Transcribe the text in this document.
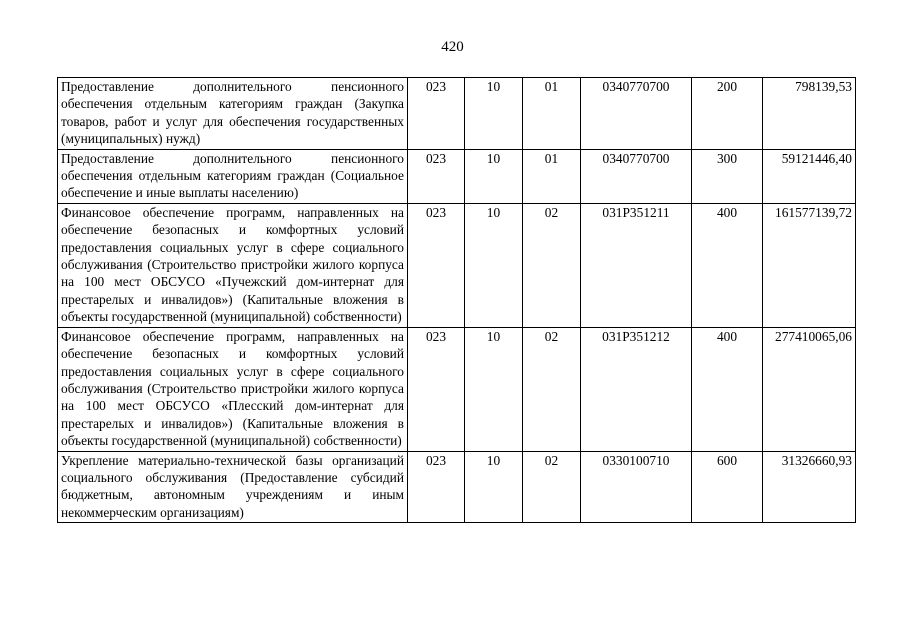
420
Предоставление дополнительного пенсионного обеспечения отдельным категориям граждан (Закупка товаров, работ и услуг для обеспечения государственных (муниципальных) нужд)	023	10	01	0340770700	200	798139,53
Предоставление дополнительного пенсионного обеспечения отдельным категориям граждан (Социальное обеспечение и иные выплаты населению)	023	10	01	0340770700	300	59121446,40
Финансовое обеспечение программ, направленных на обеспечение безопасных и комфортных условий предоставления социальных услуг в сфере социального обслуживания (Строительство пристройки жилого корпуса на 100 мест ОБСУСО «Пучежский дом-интернат для престарелых и инвалидов») (Капитальные вложения в объекты государственной (муниципальной) собственности)	023	10	02	031P351211	400	161577139,72
Финансовое обеспечение программ, направленных на обеспечение безопасных и комфортных условий предоставления социальных услуг в сфере социального обслуживания (Строительство пристройки жилого корпуса на 100 мест ОБСУСО «Плесский дом-интернат для престарелых и инвалидов») (Капитальные вложения в объекты государственной (муниципальной) собственности)	023	10	02	031P351212	400	277410065,06
Укрепление материально-технической базы организаций социального обслуживания (Предоставление субсидий бюджетным, автономным учреждениям и иным некоммерческим организациям)	023	10	02	0330100710	600	31326660,93
